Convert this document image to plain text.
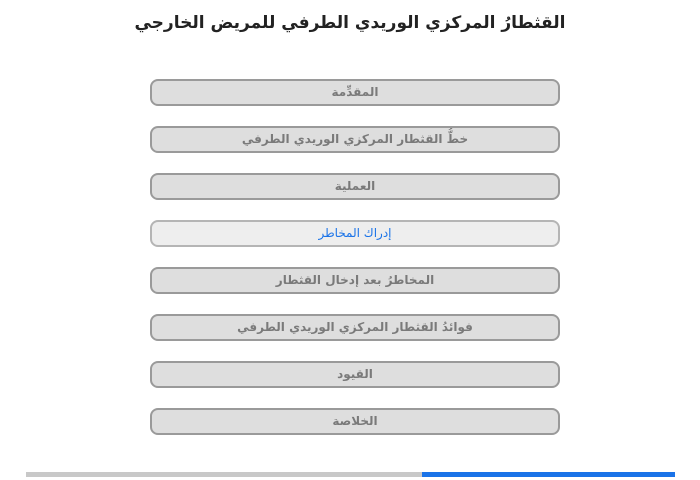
القثطارُ المركزي الوريدي الطرفي للمريض الخارجي
المقدِّمة
خطُّ القثطار المركزي الوريدي الطرفي
العملية
إدراك المخاطر
المخاطرُ بعد إدخال القثطار
فوائدُ القثطار المركزي الوريدي الطرفي
القيود
الخلاصة
